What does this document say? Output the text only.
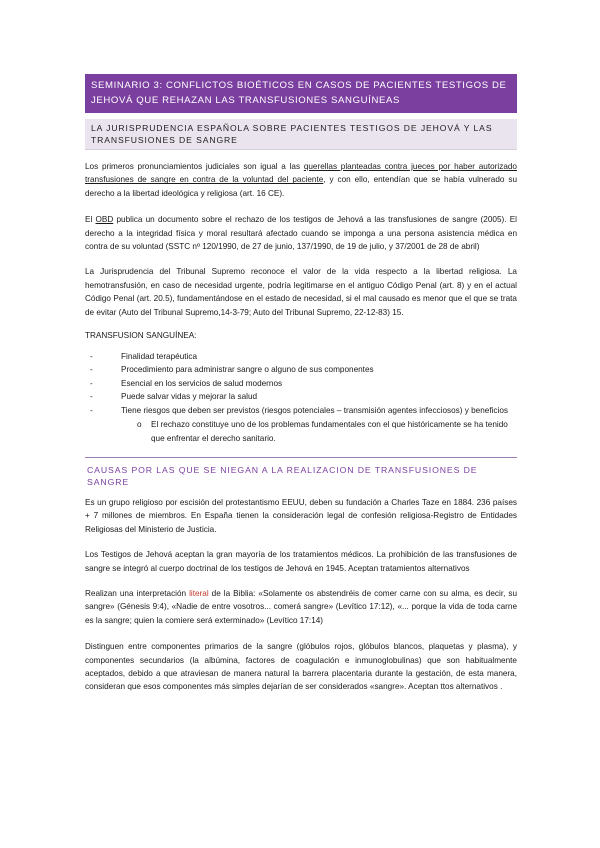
SEMINARIO 3: CONFLICTOS BIOÉTICOS EN CASOS DE PACIENTES TESTIGOS DE JEHOVÁ QUE REHAZAN LAS TRANSFUSIONES SANGUÍNEAS
LA JURISPRUDENCIA ESPAÑOLA SOBRE PACIENTES TESTIGOS DE JEHOVÁ Y LAS TRANSFUSIONES DE SANGRE

Los primeros pronunciamientos judiciales son igual a las querellas planteadas contra jueces por haber autorizado transfusiones de sangre en contra de la voluntad del paciente, y con ello, entendían que se había vulnerado su derecho a la libertad ideológica y religiosa (art. 16 CE).

El OBD publica un documento sobre el rechazo de los testigos de Jehová a las transfusiones de sangre (2005). El derecho a la integridad física y moral resultará afectado cuando se imponga a una persona asistencia médica en contra de su voluntad (SSTC nº 120/1990, de 27 de junio, 137/1990, de 19 de julio, y 37/2001 de 28 de abril)

La Jurisprudencia del Tribunal Supremo reconoce el valor de la vida respecto a la libertad religiosa. La hemotransfusión, en caso de necesidad urgente, podría legitimarse en el antiguo Código Penal (art. 8) y en el actual Código Penal (art. 20.5), fundamentándose en el estado de necesidad, si el mal causado es menor que el que se trata de evitar (Auto del Tribunal Supremo,14-3-79; Auto del Tribunal Supremo, 22-12-83) 15.

TRANSFUSION SANGUÍNEA:
-	Finalidad terapéutica
-	Procedimiento para administrar sangre o alguno de sus componentes
-	Esencial en los servicios de salud modernos
-	Puede salvar vidas y mejorar la salud
-	Tiene riesgos que deben ser previstos (riesgos potenciales – transmisión agentes infecciosos) y beneficios
o El rechazo constituye uno de los problemas fundamentales con el que históricamente se ha tenido que enfrentar el derecho sanitario.
CAUSAS POR LAS QUE SE NIEGAN A LA REALIZACION DE TRANSFUSIONES DE SANGRE

Es un grupo religioso por escisión del protestantismo EEUU, deben su fundación a Charles Taze en 1884. 236 países + 7 millones de miembros. En España tienen la consideración legal de confesión religiosa-Registro de Entidades Religiosas del Ministerio de Justicia.

Los Testigos de Jehová aceptan la gran mayoría de los tratamientos médicos. La prohibición de las transfusiones de sangre se integró al cuerpo doctrinal de los testigos de Jehová en 1945. Aceptan tratamientos alternativos

Realizan una interpretación literal de la Biblia: «Solamente os abstendréis de comer carne con su alma, es decir, su sangre» (Génesis 9:4), «Nadie de entre vosotros... comerá sangre» (Levítico 17:12), «... porque la vida de toda carne es la sangre; quien la comiere será exterminado» (Levítico 17:14)

Distinguen entre componentes primarios de la sangre (glóbulos rojos, glóbulos blancos, plaquetas y plasma), y componentes secundarios (la albúmina, factores de coagulación e inmunoglobulinas) que son habitualmente aceptados, debido a que atraviesan de manera natural la barrera placentaria durante la gestación, de esta manera, consideran que esos componentes más simples dejarían de ser considerados «sangre». Aceptan ttos alternativos .
